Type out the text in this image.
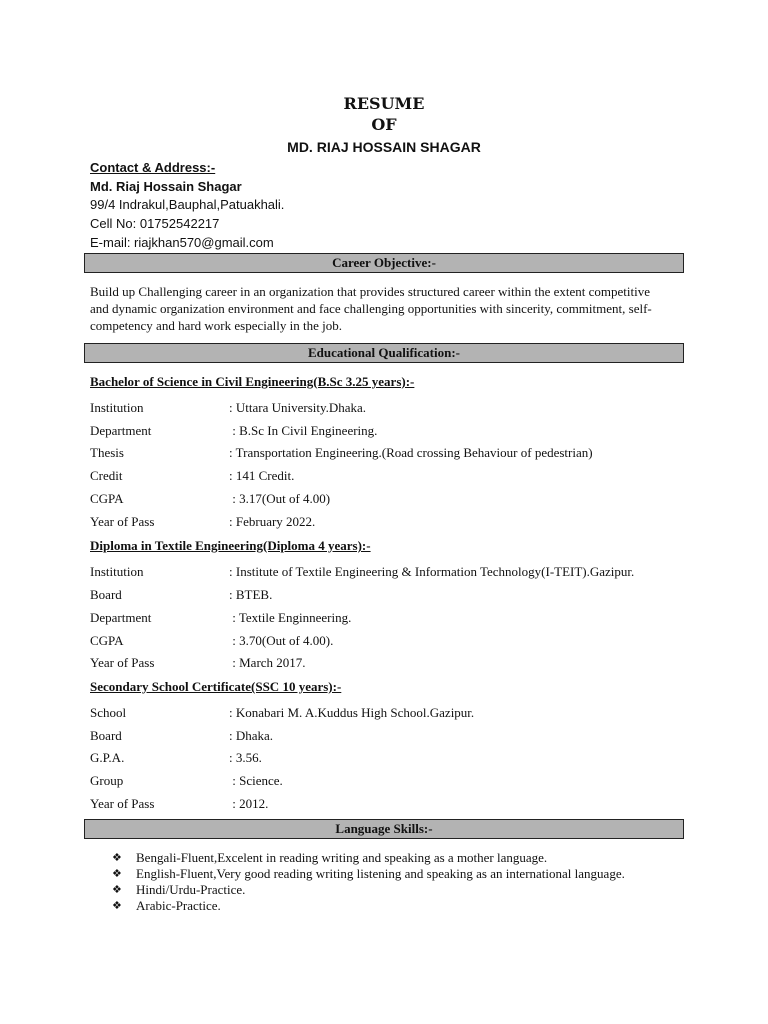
RESUME
OF
MD. RIAJ HOSSAIN SHAGAR
Contact & Address:-
Md. Riaj Hossain Shagar
99/4 Indrakul,Bauphal,Patuakhali.
Cell No: 01752542217
E-mail: riajkhan570@gmail.com
Career Objective:-
Build up Challenging career in an organization that provides structured career within the extent competitive and dynamic organization environment and face challenging opportunities with sincerity, commitment, self-competency and hard work especially in the job.
Educational Qualification:-
Bachelor of Science in Civil Engineering(B.Sc 3.25 years):-
Institution	: Uttara University.Dhaka.
Department	: B.Sc In Civil Engineering.
Thesis	: Transportation Engineering.(Road crossing Behaviour of pedestrian)
Credit	: 141 Credit.
CGPA	: 3.17(Out of 4.00)
Year of Pass	: February 2022.
Diploma in Textile Engineering(Diploma 4 years):-
Institution	: Institute of Textile Engineering & Information Technology(I-TEIT).Gazipur.
Board	: BTEB.
Department	: Textile Enginneering.
CGPA	: 3.70(Out of 4.00).
Year of Pass	: March 2017.
Secondary School Certificate(SSC 10 years):-
School	: Konabari M. A.Kuddus High School.Gazipur.
Board	: Dhaka.
G.P.A.	: 3.56.
Group	: Science.
Year of Pass	: 2012.
Language Skills:-
❖ Bengali-Fluent,Excelent in reading writing and speaking as a mother language.
❖ English-Fluent,Very good reading writing listening and speaking as an international language.
❖ Hindi/Urdu-Practice.
❖ Arabic-Practice.
